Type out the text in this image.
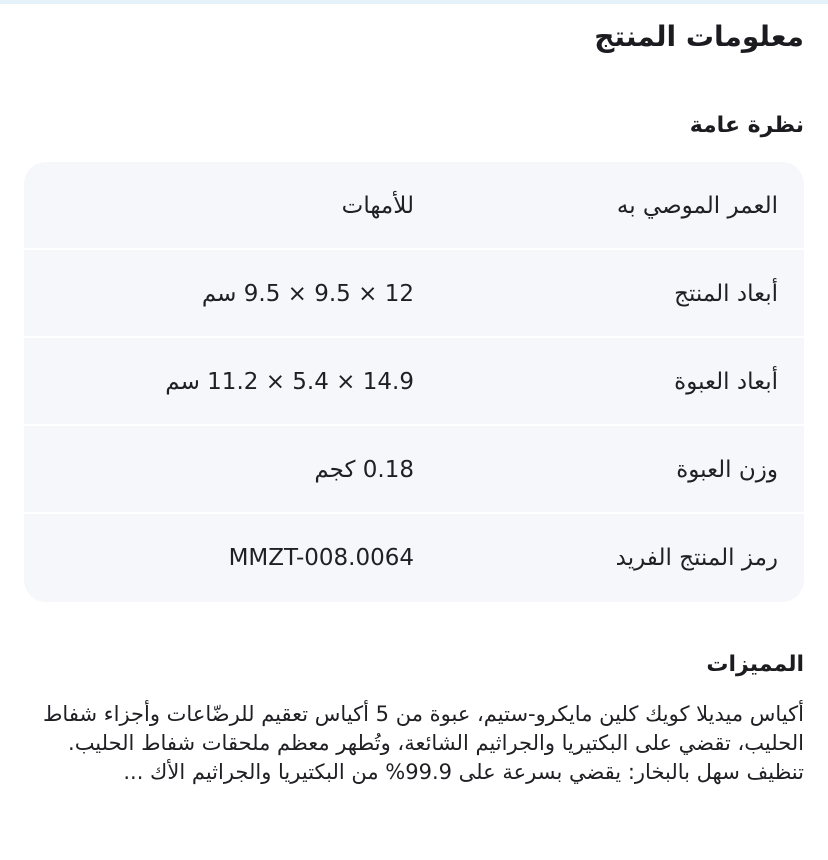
معلومات المنتج
نظرة عامة
العمر الموصي به
للأمهات
أبعاد المنتج
12 × 9.5 × 9.5 سم
أبعاد العبوة
14.9 × 5.4 × 11.2 سم
وزن العبوة
0.18 كجم
رمز المنتج الفريد
MMZT-008.0064
المميزات

أكياس ميديلا كويك كلين مايكرو-ستيم، عبوة من 5 أكياس تعقيم للرضّاعات وأجزاء شفاط الحليب، تقضي على البكتيريا والجراثيم الشائعة، وتُطهر معظم ملحقات شفاط الحليب.

تنظيف سهل بالبخار: يقضي بسرعة على 99.9% من البكتيريا والجراثيم الأك ...
